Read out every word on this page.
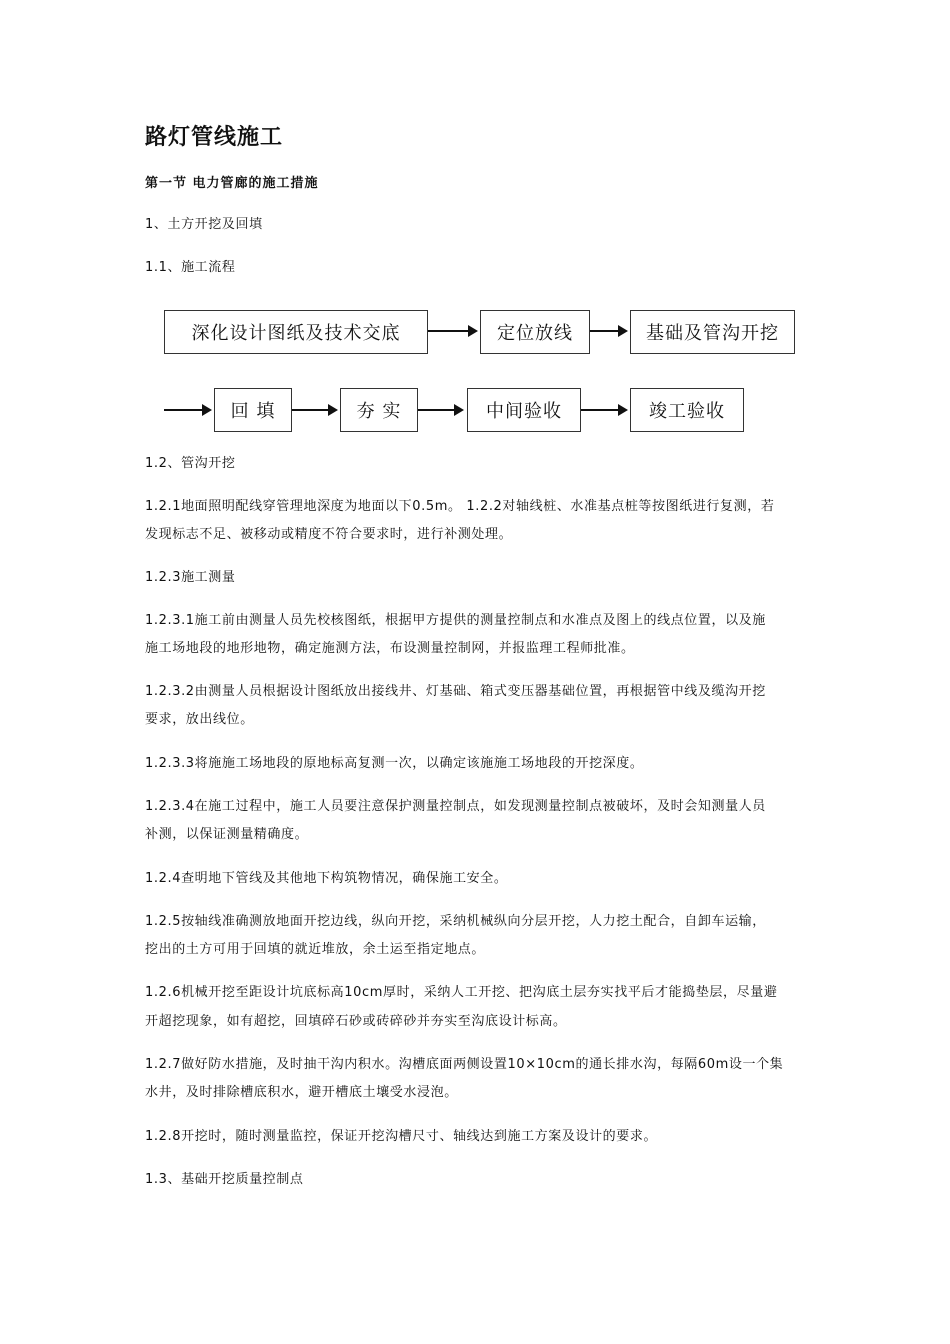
路灯管线施工
第一节 电力管廊的施工措施
1、土方开挖及回填
1.1、施工流程
深化设计图纸及技术交底	定位放线	基础及管沟开挖
回 填	夯 实	中间验收	竣工验收
1.2、管沟开挖
1.2.1地面照明配线穿管理地深度为地面以下0.5m。 1.2.2对轴线桩、水准基点桩等按图纸进行复测，若
发现标志不足、被移动或精度不符合要求时，进行补测处理。
1.2.3施工测量
1.2.3.1施工前由测量人员先校核图纸，根据甲方提供的测量控制点和水准点及图上的线点位置，以及施
施工场地段的地形地物，确定施测方法，布设测量控制网，并报监理工程师批准。
1.2.3.2由测量人员根据设计图纸放出接线井、灯基础、箱式变压器基础位置，再根据管中线及缆沟开挖
要求，放出线位。
1.2.3.3将施施工场地段的原地标高复测一次，以确定该施施工场地段的开挖深度。
1.2.3.4在施工过程中，施工人员要注意保护测量控制点，如发现测量控制点被破坏，及时会知测量人员
补测，以保证测量精确度。
1.2.4查明地下管线及其他地下构筑物情况，确保施工安全。
1.2.5按轴线准确测放地面开挖边线，纵向开挖，采纳机械纵向分层开挖，人力挖土配合，自卸车运输，
挖出的土方可用于回填的就近堆放，余土运至指定地点。
1.2.6机械开挖至距设计坑底标高10cm厚时，采纳人工开挖、把沟底土层夯实找平后才能捣垫层，尽量避
开超挖现象，如有超挖，回填碎石砂或砖碎砂并夯实至沟底设计标高。
1.2.7做好防水措施，及时抽干沟内积水。沟槽底面两侧设置10×10cm的通长排水沟，每隔60m设一个集
水井，及时排除槽底积水，避开槽底土壤受水浸泡。
1.2.8开挖时，随时测量监控，保证开挖沟槽尺寸、轴线达到施工方案及设计的要求。
1.3、基础开挖质量控制点
